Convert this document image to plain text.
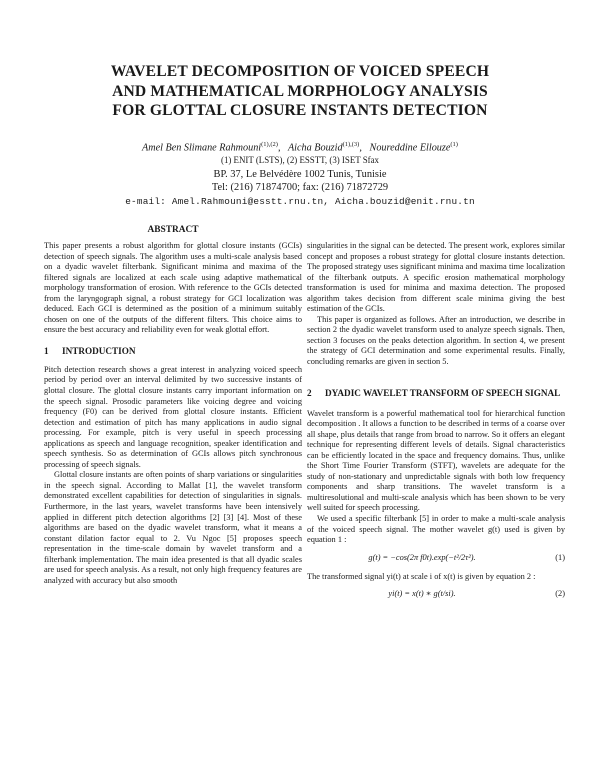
WAVELET DECOMPOSITION OF VOICED SPEECH
AND MATHEMATICAL MORPHOLOGY ANALYSIS
FOR GLOTTAL CLOSURE INSTANTS DETECTION
Amel Ben Slimane Rahmouni$^{(1),(2)}$,   Aicha Bouzid$^{(1),(3)}$,   Noureddine Ellouze$^{(1)}$
(1) ENIT (LSTS), (2) ESSTT, (3) ISET Sfax
BP. 37, Le Belvédère 1002 Tunis, Tunisie
Tel: (216) 71874700; fax: (216) 71872729
e-mail: Amel.Rahmouni@esstt.rnu.tn, Aicha.bouzid@enit.rnu.tn
ABSTRACT

This paper presents a robust algorithm for glottal closure instants (GCIs) detection of speech signals. The algorithm uses a multi-scale analysis based on a dyadic wavelet filterbank. Significant minima and maxima of the filtered signals are localized at each scale using adaptive mathematical morphology transformation of erosion. With reference to the GCIs detected from the laryngograph signal, a robust strategy for GCI localization was deduced. Each GCI is determined as the position of a minimum suitably chosen on one of the outputs of the different filters. This choice aims to ensure the best accuracy and reliability even for weak glottal effort.

1 INTRODUCTION

Pitch detection research shows a great interest in analyzing voiced speech period by period over an interval delimited by two successive instants of glottal closure. The glottal closure instants carry important information on the speech signal. Prosodic parameters like voicing degree and voicing frequency (F0) can be derived from glottal closure instants. Efficient detection and estimation of pitch has many applications in audio signal processing. For example, pitch is very useful in speech processing applications as speech and language recognition, speaker identification and speech synthesis. So as determination of GCIs allows pitch synchronous processing of speech signals.

Glottal closure instants are often points of sharp variations or singularities in the speech signal. According to Mallat [1], the wavelet transform demonstrated excellent capabilities for detection of singularities in signals. Furthermore, in the last years, wavelet transforms have been intensively applied in different pitch detection algorithms [2] [3] [4]. Most of these algorithms are based on the dyadic wavelet transform, what it means a constant dilation factor equal to 2. Vu Ngoc [5] proposes speech representation in the time-scale domain by wavelet transform and a filterbank implementation. The main idea presented is that all dyadic scales are used for speech analysis. As a result, not only high frequency features are analyzed with accuracy but also smooth

singularities in the signal can be detected. The present work, explores similar concept and proposes a robust strategy for glottal closure instants detection. The proposed strategy uses significant minima and maxima time localization of the filterbank outputs. A specific erosion mathematical morphology transformation is used for minima and maxima detection. The proposed algorithm takes decision from different scale minima giving the best estimation of the GCIs.

This paper is organized as follows. After an introduction, we describe in section 2 the dyadic wavelet transform used to analyze speech signals. Then, section 3 focuses on the peaks detection algorithm. In section 4, we present the strategy of GCI determination and some experimental results. Finally, concluding remarks are given in section 5.

2	DYADIC WAVELET TRANSFORM OF SPEECH SIGNAL

Wavelet transform is a powerful mathematical tool for hierarchical function decomposition . It allows a function to be described in terms of a coarse over all shape, plus details that range from broad to narrow. So it offers an elegant technique for representing different levels of details. Signal characteristics can be efficiently located in the space and frequency domains. Thus, unlike the Short Time Fourier Transform (STFT), wavelets are adequate for the study of non-stationary and unpredictable signals with both low frequency components and sharp transitions. The wavelet transform is a multiresolutional and multi-scale analysis which has been shown to be very well suited for speech processing.

We used a specific filterbank [5] in order to make a multi-scale analysis of the voiced speech signal. The mother wavelet g(t) used is given by equation 1 :

g(t) = −cos(2π f0t).exp(−t²/2τ²).	(1)

The transformed signal yi(t) at scale i of x(t) is given by equation 2 :

yi(t) = x(t) ∗ g(t/si).	(2)
